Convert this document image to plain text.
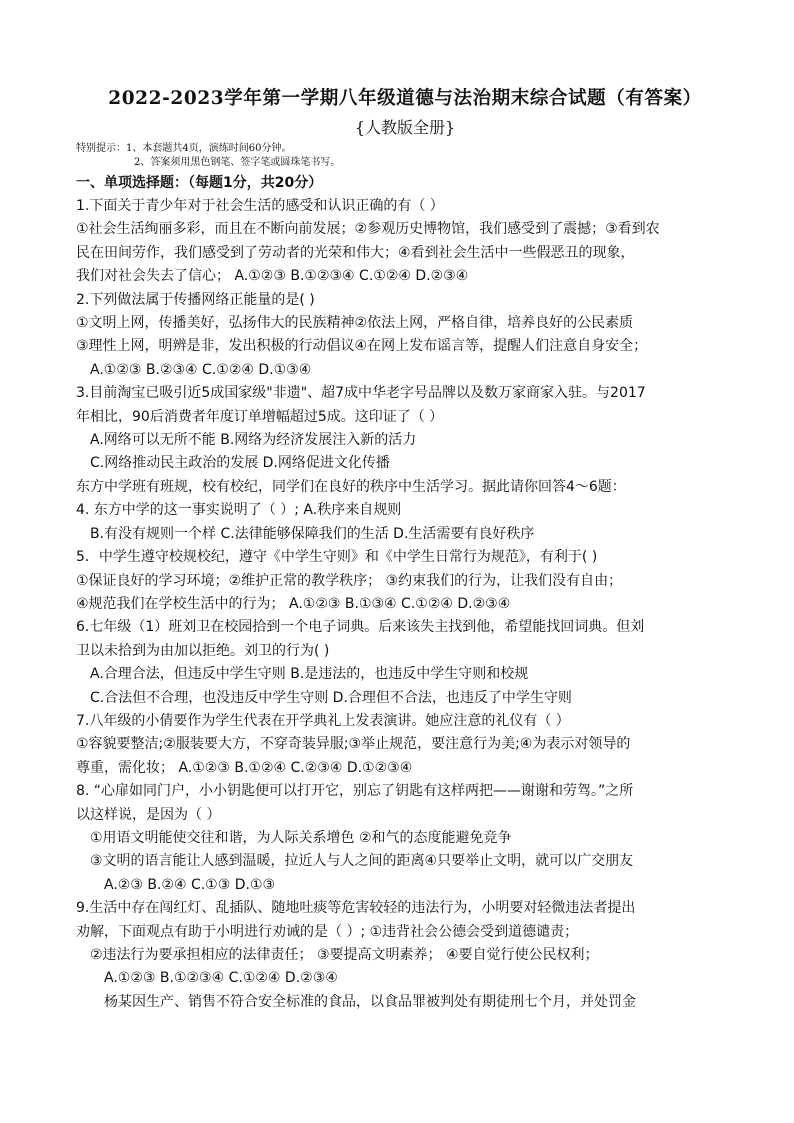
2022-2023学年第一学期八年级道德与法治期末综合试题（有答案）
{人教版全册}
特别提示：1、本套题共4页，演练时间60分钟。
2、答案须用黑色钢笔、签字笔或圆珠笔书写。
一、单项选择题：（每题1分，共20分）
1.下面关于青少年对于社会生活的感受和认识正确的有（ ）
①社会生活绚丽多彩，而且在不断向前发展；②参观历史博物馆，我们感受到了震撼；③看到农
民在田间劳作，我们感受到了劳动者的光荣和伟大；④看到社会生活中一些假恶丑的现象，
我们对社会失去了信心； A.①②③ B.①②③④ C.①②④ D.②③④
2.下列做法属于传播网络正能量的是( )
①文明上网，传播美好，弘扬伟大的民族精神②依法上网，严格自律，培养良好的公民素质
③理性上网，明辨是非，发出积极的行动倡议④在网上发布谣言等，提醒人们注意自身安全；
A.①②③ B.②③④ C.①②④ D.①③④
3.目前淘宝已吸引近5成国家级"非遗"、超7成中华老字号品牌以及数万家商家入驻。与2017
年相比，90后消费者年度订单增幅超过5成。这印证了（ ）
A.网络可以无所不能 B.网络为经济发展注入新的活力
C.网络推动民主政治的发展 D.网络促进文化传播
东方中学班有班规，校有校纪，同学们在良好的秩序中生活学习。据此请你回答4～6题：
4. 东方中学的这一事实说明了（ ）; A.秩序来自规则
B.有没有规则一个样 C.法律能够保障我们的生活 D.生活需要有良好秩序
5．中学生遵守校规校纪，遵守《中学生守则》和《中学生日常行为规范》，有利于( )
①保证良好的学习环境；②维护正常的教学秩序； ③约束我们的行为，让我们没有自由；
④规范我们在学校生活中的行为； A.①②③ B.①③④ C.①②④ D.②③④
6.七年级（1）班刘卫在校园拾到一个电子词典。后来该失主找到他，希望能找回词典。但刘
卫以未拾到为由加以拒绝。刘卫的行为( )
A.合理合法，但违反中学生守则 B.是违法的，也违反中学生守则和校规
C.合法但不合理，也没违反中学生守则 D.合理但不合法，也违反了中学生守则
7.八年级的小倩要作为学生代表在开学典礼上发表演讲。她应注意的礼仪有（ ）
①容貌要整洁;②服装要大方，不穿奇装异服;③举止规范，要注意行为美;④为表示对领导的
尊重，需化妆； A.①②③ B.①②④ C.②③④ D.①②③④
8. “心扉如同门户，小小钥匙便可以打开它，别忘了钥匙有这样两把——谢谢和劳驾。”之所
以这样说，是因为（ ）
①用语文明能使交往和谐，为人际关系增色 ②和气的态度能避免竞争
③文明的语言能让人感到温暖，拉近人与人之间的距离④只要举止文明，就可以广交朋友
A.②③ B.②④ C.①③ D.①③
9.生活中存在闯红灯、乱插队、随地吐痰等危害较轻的违法行为，小明要对轻微违法者提出
劝解，下面观点有助于小明进行劝诫的是（ ）; ①违背社会公德会受到道德谴责；
②违法行为要承担相应的法律责任； ③要提高文明素养； ④要自觉行使公民权利；
A.①②③ B.①②③④ C.①②④ D.②③④
杨某因生产、销售不符合安全标准的食品，以食品罪被判处有期徒刑七个月，并处罚金
